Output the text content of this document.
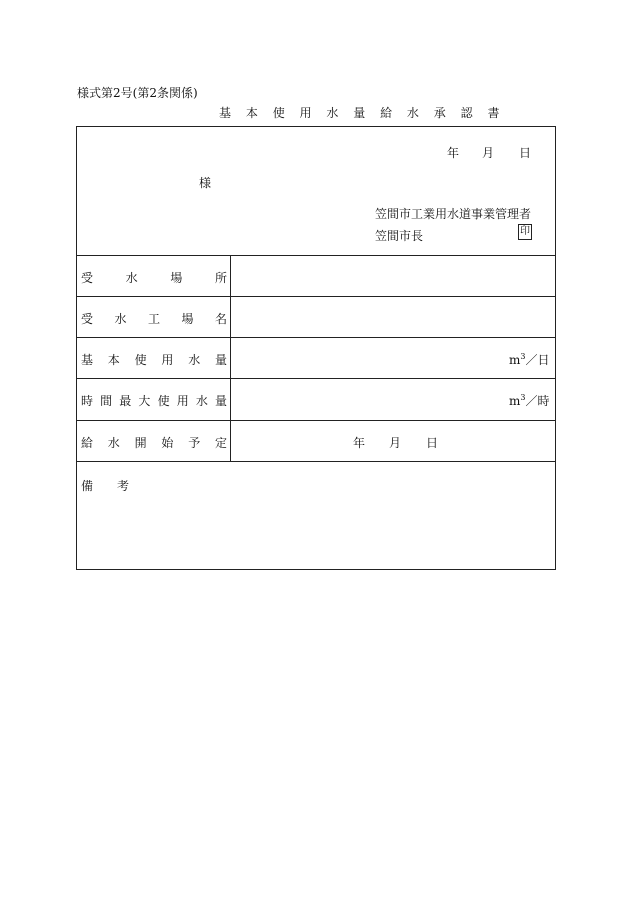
様式第2号(第2条関係)
基 本 使 用 水 量 給 水 承 認 書
年 月 日
様
笠間市工業用水道事業管理者
笠間市長	印
受	水	場	所
受 水 工 場 名
基 本 使 用 水 量	$m^3/$日
時 間 最 大 使 用 水 量	$m^3/$時
給 水 開 始 予 定	年 月 日
備 考
